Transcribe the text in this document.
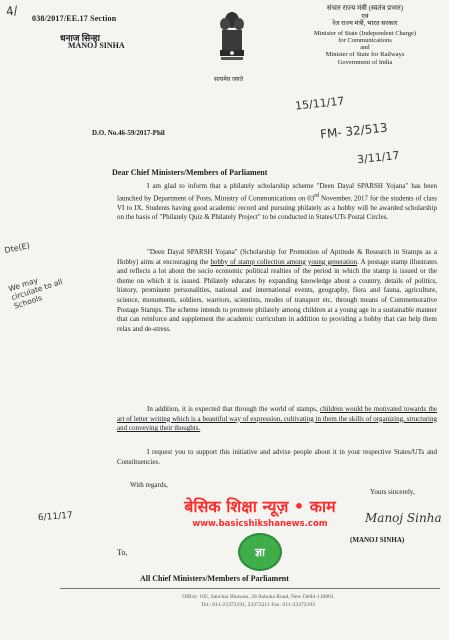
4/ 038/2017/EE.17 Section
धनाज सिन्हा
MANOJ SINHA
सत्यमेव जयते
संचार राज्य मंत्री (स्वतंत्र प्रभार)
एवं
रेल राज्य मंत्री, भारत सरकार
Minister of State (Independent Charge)
for Communications
and
Minister of State for Railways
Government of India
15/11/17
FM- 32/513
3/11/17
D.O. No.46-59/2017-Phil
Dear Chief Ministers/Members of Parliament
I am glad to inform that a philately scholarship scheme "Deen Dayal SPARSH Yojana" has been launched by Department of Posts, Ministry of Communications on 03rd November, 2017 for the students of class VI to IX. Students having good academic record and pursuing philately as a hobby will be awarded scholarship on the basis of "Philately Quiz & Philately Project" to be conducted in States/UTs Postal Circles.
"Deen Dayal SPARSH Yojana" (Scholarship for Promotion of Aptitude & Research in Stamps as a Hobby) aims at encouraging the hobby of stamp collection among young generation. A postage stamp illustrates and reflects a lot about the socio economic political realties of the period in which the stamp is issued or the theme on which it is issued. Philately educates by expanding knowledge about a country, details of politics, history, prominent personalities, national and international events, geography, flora and fauna, agriculture, science, monuments, soldiers, warriors, scientists, modes of transport etc. through means of Commemorative Postage Stamps. The scheme intends to promote philately among children at a young age in a sustainable manner that can reinforce and supplement the academic curriculum in addition to providing a hobby that can help them relax and de-stress.
In addition, it is expected that through the world of stamps, children would be motivated towards the art of letter writing which is a beautiful way of expression, cultivating in them the skills of organizing, structuring and conveying their thoughts.
I request you to support this initiative and advise people about it in your respective States/UTs and Constituencies.
With regards,
Yours sincerely,
Manoj Sinha
(MANOJ SINHA)
To,
All Chief Ministers/Members of Parliament
Dte(E)
We may circulate to all Schools
6/11/17
Office: 105, Sanchar Bhawan, 20 Ashoka Road, New Delhi-110001
Tel.: 011-23372191, 23372211 Fax: 011-23372193
बेसिक शिक्षा न्यूज़ • काम
www.basicshikshanews.com
ज्ञा
